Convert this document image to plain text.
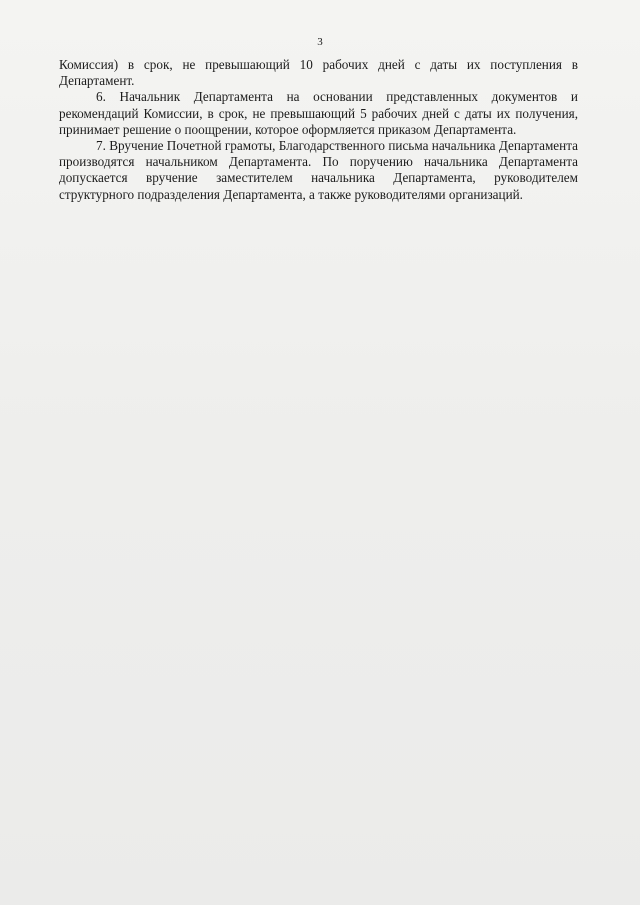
3

Комиссия) в срок, не превышающий 10 рабочих дней с даты их поступления в Департамент.

6. Начальник Департамента на основании представленных документов и рекомендаций Комиссии, в срок, не превышающий 5 рабочих дней с даты их получения, принимает решение о поощрении, которое оформляется приказом Департамента.

7. Вручение Почетной грамоты, Благодарственного письма начальника Департамента производятся начальником Департамента. По поручению начальника Департамента допускается вручение заместителем начальника Департамента, руководителем структурного подразделения Департамента, а также руководителями организаций.
